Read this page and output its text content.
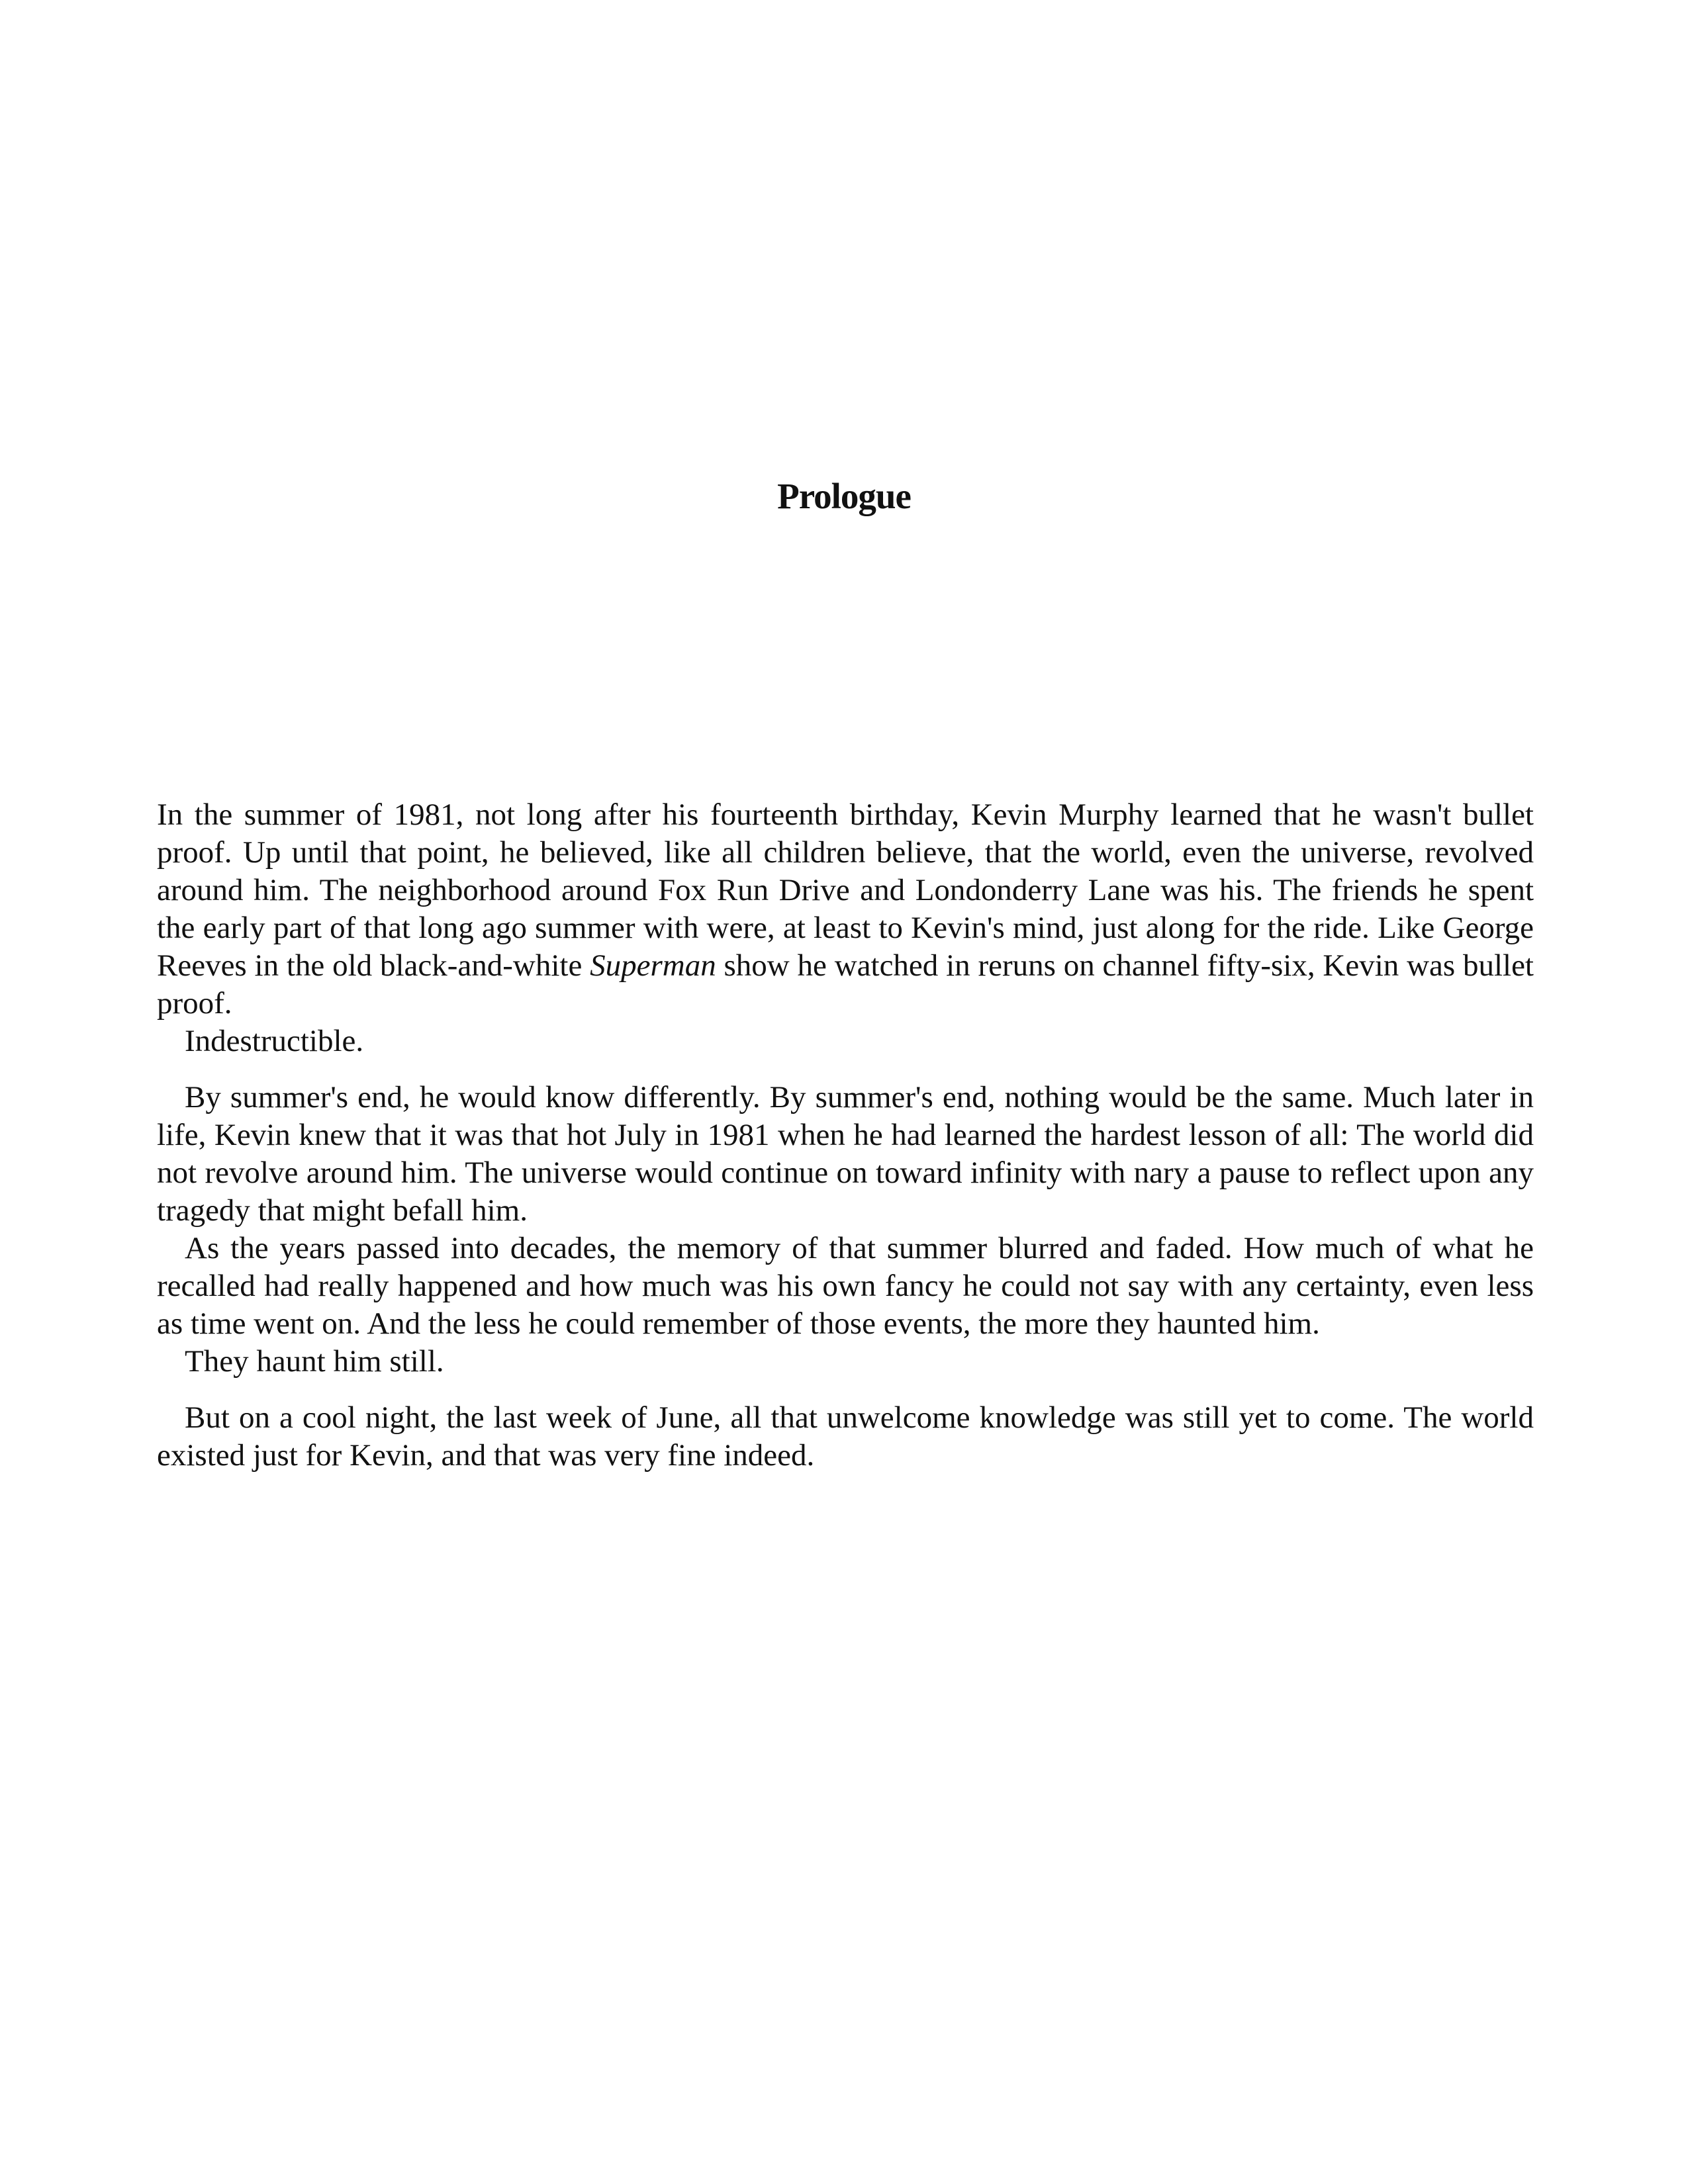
Prologue

In the summer of 1981, not long after his fourteenth birthday, Kevin Murphy learned that he wasn't bullet proof. Up until that point, he believed, like all children believe, that the world, even the universe, revolved around him. The neighborhood around Fox Run Drive and Londonderry Lane was his. The friends he spent the early part of that long ago summer with were, at least to Kevin's mind, just along for the ride. Like George Reeves in the old black-and-white Superman show he watched in reruns on channel fifty-six, Kevin was bullet proof.

Indestructible.

By summer's end, he would know differently. By summer's end, nothing would be the same. Much later in life, Kevin knew that it was that hot July in 1981 when he had learned the hardest lesson of all: The world did not revolve around him. The universe would continue on toward infinity with nary a pause to reflect upon any tragedy that might befall him.

As the years passed into decades, the memory of that summer blurred and faded. How much of what he recalled had really happened and how much was his own fancy he could not say with any certainty, even less as time went on. And the less he could remember of those events, the more they haunted him.

They haunt him still.

But on a cool night, the last week of June, all that unwelcome knowledge was still yet to come. The world existed just for Kevin, and that was very fine indeed.
